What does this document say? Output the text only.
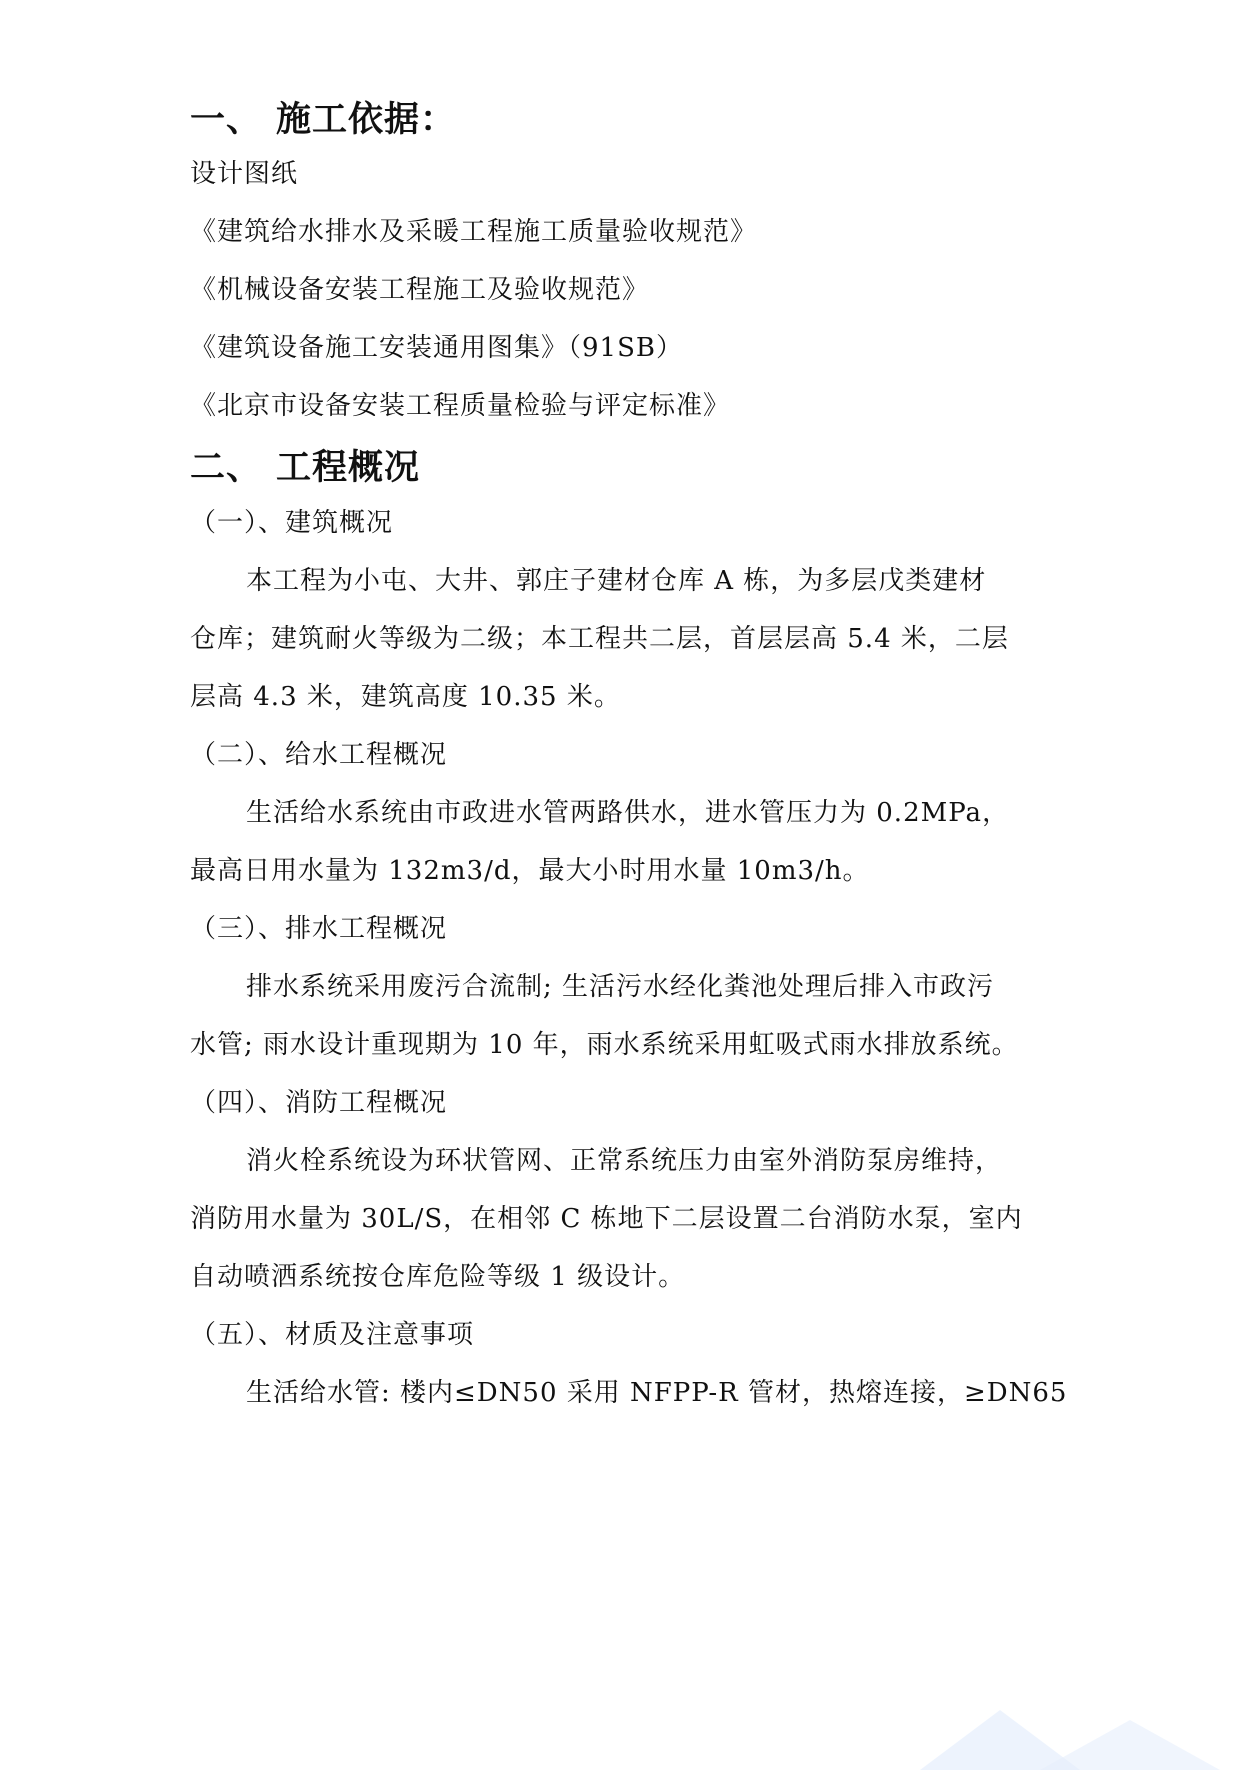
一、 施工依据：
设计图纸
《建筑给水排水及采暖工程施工质量验收规范》
《机械设备安装工程施工及验收规范》
《建筑设备施工安装通用图集》（91SB）
《北京市设备安装工程质量检验与评定标准》
二、 工程概况
（一）、建筑概况
本工程为小屯、大井、郭庄子建材仓库 A 栋，为多层戊类建材
仓库；建筑耐火等级为二级；本工程共二层，首层层高 5.4 米，二层
层高 4.3 米，建筑高度 10.35 米。
（二）、给水工程概况
生活给水系统由市政进水管两路供水，进水管压力为 0.2MPa，
最高日用水量为 132m3/d，最大小时用水量 10m3/h。
（三）、排水工程概况
排水系统采用废污合流制; 生活污水经化粪池处理后排入市政污
水管; 雨水设计重现期为 10 年，雨水系统采用虹吸式雨水排放系统。
（四）、消防工程概况
消火栓系统设为环状管网、正常系统压力由室外消防泵房维持，
消防用水量为 30L/S，在相邻 C 栋地下二层设置二台消防水泵，室内
自动喷洒系统按仓库危险等级 1 级设计。
（五）、材质及注意事项
生活给水管: 楼内≤DN50 采用 NFPP-R 管材，热熔连接，≥DN65
